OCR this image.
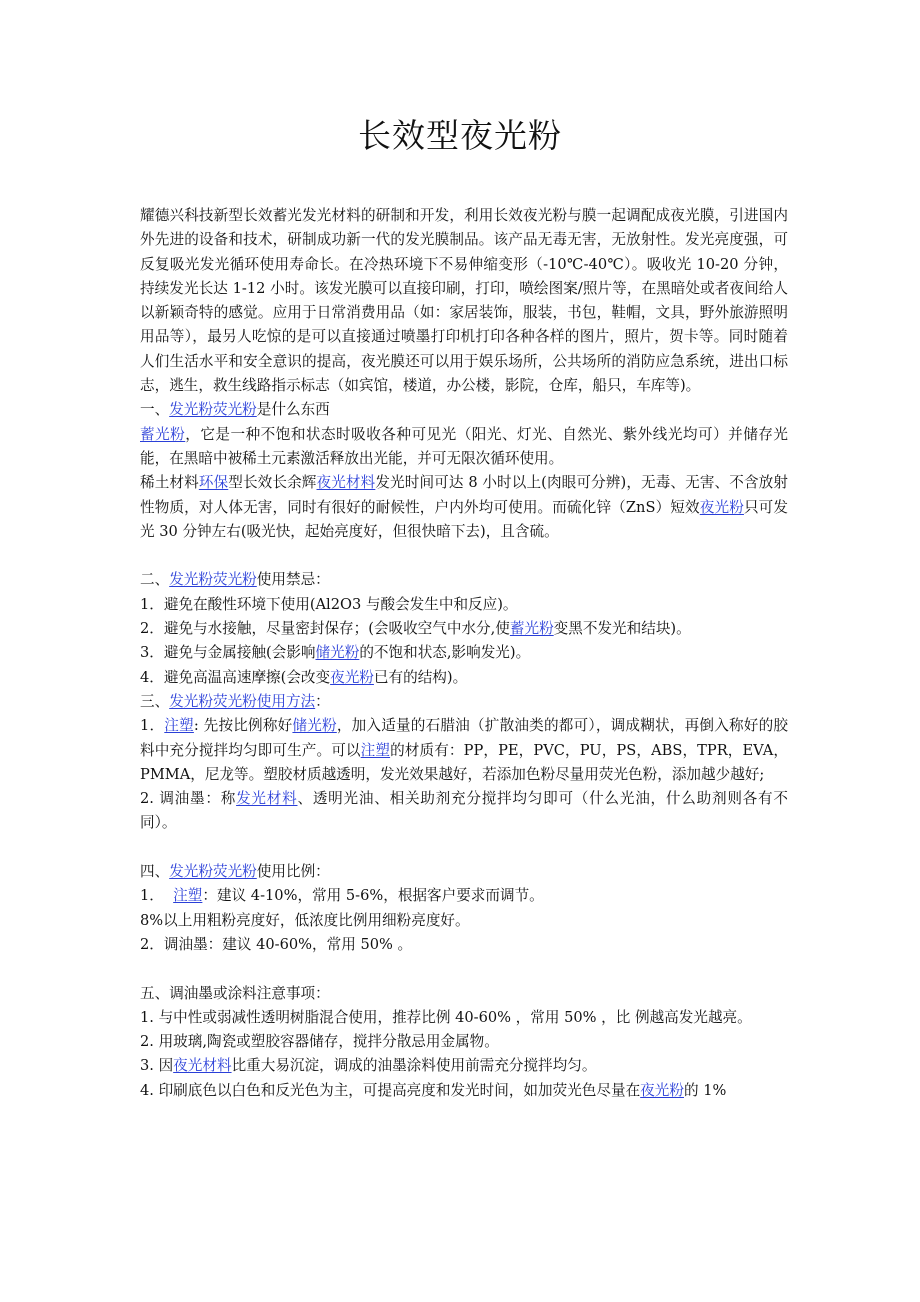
长效型夜光粉

耀德兴科技新型长效蓄光发光材料的研制和开发，利用长效夜光粉与膜一起调配成夜光膜，引进国内外先进的设备和技术，研制成功新一代的发光膜制品。该产品无毒无害，无放射性。发光亮度强，可反复吸光发光循环使用寿命长。在冷热环境下不易伸缩变形（-10℃-40℃）。吸收光 10-20 分钟，持续发光长达 1-12 小时。该发光膜可以直接印刷，打印，喷绘图案/照片等，在黑暗处或者夜间给人以新颖奇特的感觉。应用于日常消费用品（如：家居装饰，服装，书包，鞋帽，文具，野外旅游照明用品等），最另人吃惊的是可以直接通过喷墨打印机打印各种各样的图片，照片，贺卡等。同时随着人们生活水平和安全意识的提高，夜光膜还可以用于娱乐场所，公共场所的消防应急系统，进出口标志，逃生，救生线路指示标志（如宾馆，楼道，办公楼，影院，仓库，船只，车库等)。

一、发光粉荧光粉是什么东西

蓄光粉，它是一种不饱和状态时吸收各种可见光（阳光、灯光、自然光、紫外线光均可）并储存光能，在黑暗中被稀土元素激活释放出光能，并可无限次循环使用。

稀土材料环保型长效长余辉夜光材料发光时间可达 8 小时以上(肉眼可分辨)，无毒、无害、不含放射性物质，对人体无害，同时有很好的耐候性，户内外均可使用。而硫化锌（ZnS）短效夜光粉只可发光 30 分钟左右(吸光快，起始亮度好，但很快暗下去)，且含硫。

二、发光粉荧光粉使用禁忌：

1．避免在酸性环境下使用(Al2O3 与酸会发生中和反应)。

2．避免与水接触，尽量密封保存；(会吸收空气中水分,使蓄光粉变黑不发光和结块)。

3．避免与金属接触(会影响储光粉的不饱和状态,影响发光)。

4．避免高温高速摩擦(会改变夜光粉已有的结构)。

三、发光粉荧光粉使用方法：

1．注塑: 先按比例称好储光粉，加入适量的石腊油（扩散油类的都可），调成糊状，再倒入称好的胶料中充分搅拌均匀即可生产。可以注塑的材质有：PP，PE，PVC，PU，PS，ABS，TPR，EVA，PMMA，尼龙等。塑胶材质越透明，发光效果越好，若添加色粉尽量用荧光色粉，添加越少越好;

2. 调油墨：称发光材料、透明光油、相关助剂充分搅拌均匀即可（什么光油，什么助剂则各有不同）。

四、发光粉荧光粉使用比例：

1．  注塑：建议 4-10%，常用 5-6%，根据客户要求而调节。

8%以上用粗粉亮度好，低浓度比例用细粉亮度好。

2．调油墨：建议 40-60%，常用 50% 。

五、调油墨或涂料注意事项：

1. 与中性或弱减性透明树脂混合使用，推荐比例 40-60% ，常用 50% ，比 例越高发光越亮。

2. 用玻璃,陶瓷或塑胶容器储存，搅拌分散忌用金属物。

3. 因夜光材料比重大易沉淀，调成的油墨涂料使用前需充分搅拌均匀。

4. 印刷底色以白色和反光色为主，可提高亮度和发光时间，如加荧光色尽量在夜光粉的 1%
